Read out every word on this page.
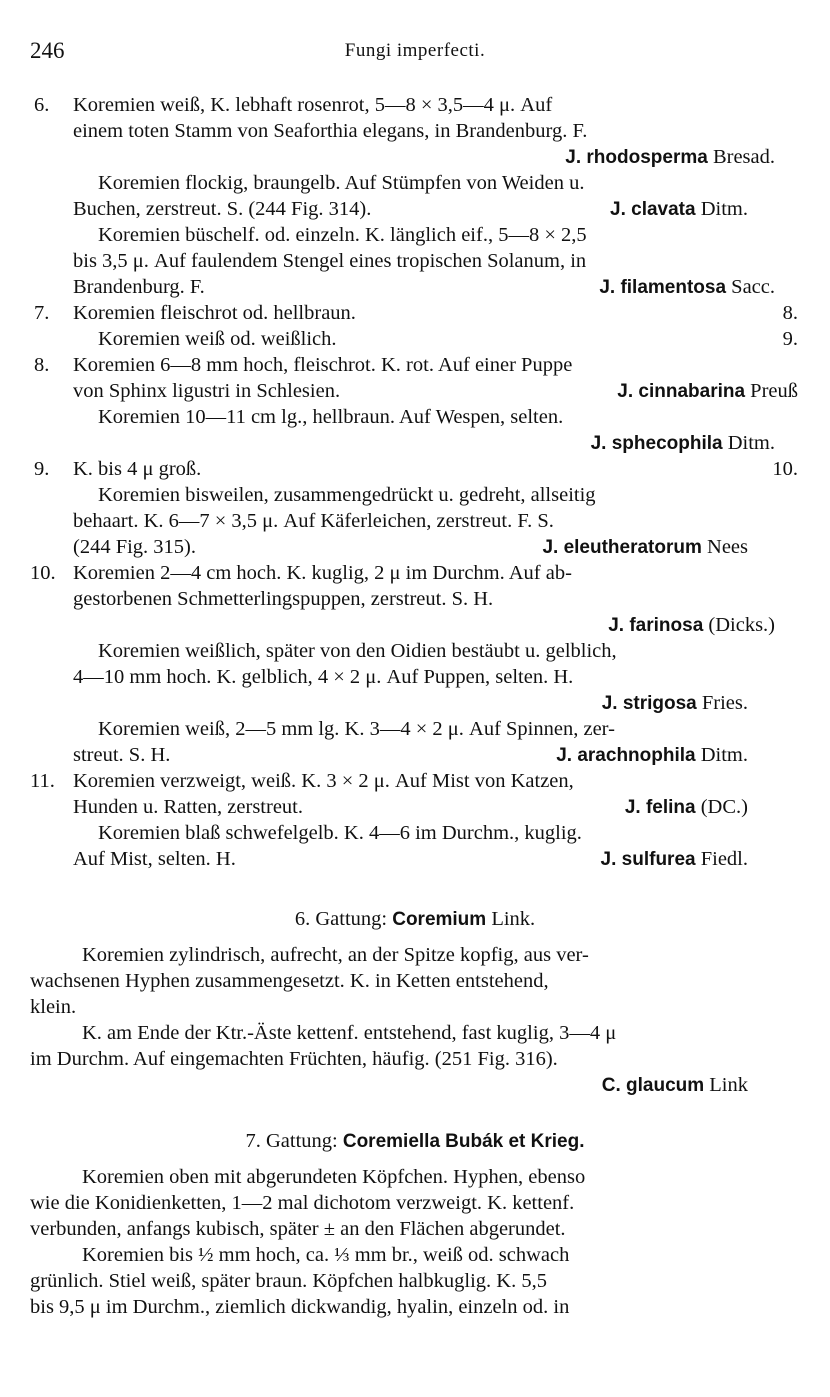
246	Fungi imperfecti.
6. Koremien weiß, K. lebhaft rosenrot, 5—8 × 3,5—4 μ. Auf
einem toten Stamm von Seaforthia elegans, in Brandenburg. F.
J. rhodosperma Bresad.
Koremien flockig, braungelb. Auf Stümpfen von Weiden u.
Buchen, zerstreut. S. (244 Fig. 314).	J. clavata Ditm.
Koremien büschelf. od. einzeln. K. länglich eif., 5—8 × 2,5
bis 3,5 μ. Auf faulendem Stengel eines tropischen Solanum, in
Brandenburg. F.	J. filamentosa Sacc.
7. Koremien fleischrot od. hellbraun.	8.
Koremien weiß od. weißlich.	9.
8. Koremien 6—8 mm hoch, fleischrot. K. rot. Auf einer Puppe
von Sphinx ligustri in Schlesien.	J. cinnabarina Preuß
Koremien 10—11 cm lg., hellbraun. Auf Wespen, selten.
J. sphecophila Ditm.
9. K. bis 4 μ groß.	10.
Koremien bisweilen, zusammengedrückt u. gedreht, allseitig
behaart. K. 6—7 × 3,5 μ. Auf Käferleichen, zerstreut. F. S.
(244 Fig. 315).	J. eleutheratorum Nees
10. Koremien 2—4 cm hoch. K. kuglig, 2 μ im Durchm. Auf ab-
gestorbenen Schmetterlingspuppen, zerstreut. S. H.
J. farinosa (Dicks.)
Koremien weißlich, später von den Oidien bestäubt u. gelblich,
4—10 mm hoch. K. gelblich, 4 × 2 μ. Auf Puppen, selten. H.
J. strigosa Fries.
Koremien weiß, 2—5 mm lg. K. 3—4 × 2 μ. Auf Spinnen, zer-
streut. S. H.	J. arachnophila Ditm.
11. Koremien verzweigt, weiß. K. 3 × 2 μ. Auf Mist von Katzen,
Hunden u. Ratten, zerstreut.	J. felina (DC.)
Koremien blaß schwefelgelb. K. 4—6 im Durchm., kuglig.
Auf Mist, selten. H.	J. sulfurea Fiedl.
6. Gattung: Coremium Link.
Koremien zylindrisch, aufrecht, an der Spitze kopfig, aus ver-
wachsenen Hyphen zusammengesetzt. K. in Ketten entstehend,
klein.
K. am Ende der Ktr.-Äste kettenf. entstehend, fast kuglig, 3—4 μ
im Durchm. Auf eingemachten Früchten, häufig. (251 Fig. 316).
C. glaucum Link
7. Gattung: Coremiella Bubák et Krieg.
Koremien oben mit abgerundeten Köpfchen. Hyphen, ebenso
wie die Konidienketten, 1—2 mal dichotom verzweigt. K. kettenf.
verbunden, anfangs kubisch, später ± an den Flächen abgerundet.
Koremien bis ½ mm hoch, ca. ⅓ mm br., weiß od. schwach
grünlich. Stiel weiß, später braun. Köpfchen halbkuglig. K. 5,5
bis 9,5 μ im Durchm., ziemlich dickwandig, hyalin, einzeln od. in
